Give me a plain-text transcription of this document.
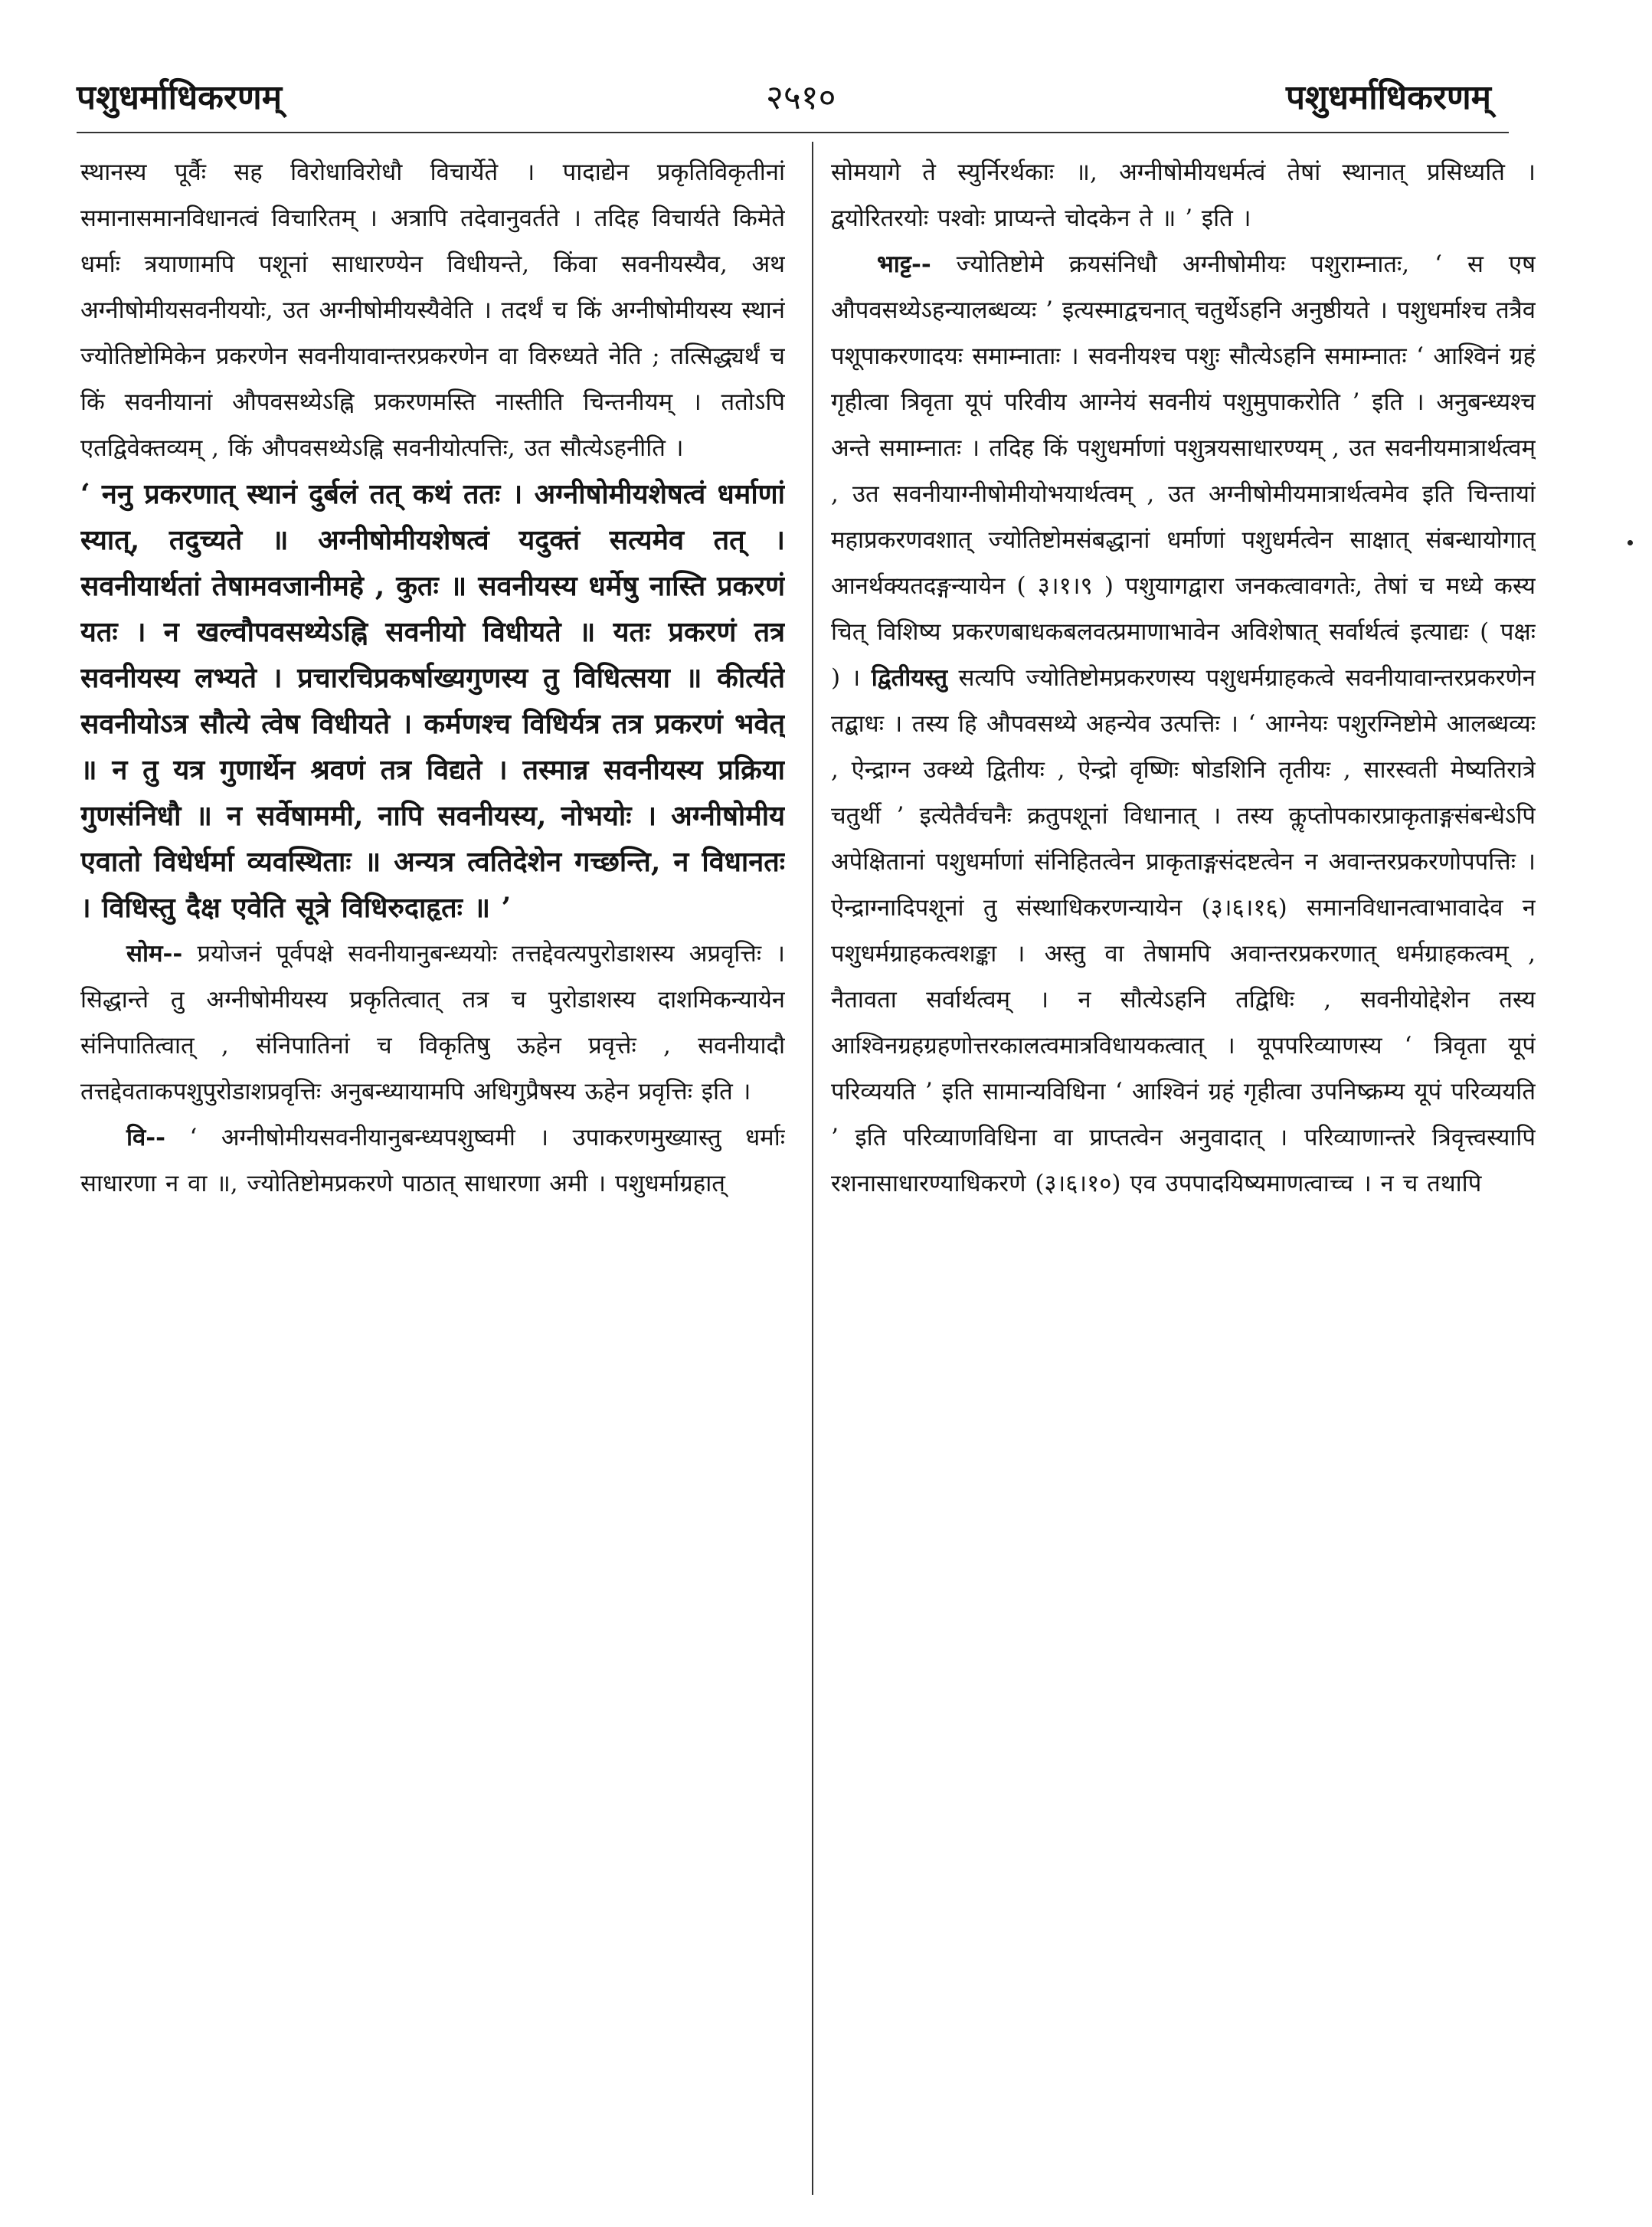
पशुधर्माधिकरणम्	२५१०	पशुधर्माधिकरणम्

स्थानस्य पूर्वैः सह विरोधाविरोधौ विचार्येते । पादाद्येन प्रकृतिविकृतीनां समानासमानविधानत्वं विचारितम् । अत्रापि तदेवानुवर्तते । तदिह विचार्यते किमेते धर्माः त्रयाणामपि पशूनां साधारण्येन विधीयन्ते, किंवा सवनीयस्यैव, अथ अग्नीषोमीयसवनीययोः, उत अग्नीषोमीयस्यैवेति । तदर्थं च किं अग्नीषोमीयस्य स्थानं ज्योतिष्टोमिकेन प्रकरणेन सवनीयावान्तरप्रकरणेन वा विरुध्यते नेति ; तत्सिद्ध्यर्थं च किं सवनीयानां औपवसथ्येऽह्नि प्रकरणमस्ति नास्तीति चिन्तनीयम् । ततोऽपि एतद्विवेक्तव्यम् , किं औपवसथ्येऽह्नि सवनीयोत्पत्तिः, उत सौत्येऽहनीति ।

‘ ननु प्रकरणात् स्थानं दुर्बलं तत् कथं ततः । अग्नीषोमीयशेषत्वं धर्माणां स्यात्, तदुच्यते ॥ अग्नीषोमीयशेषत्वं यदुक्तं सत्यमेव तत् । सवनीयार्थतां तेषामवजानीमहे , कुतः ॥ सवनीयस्य धर्मेषु नास्ति प्रकरणं यतः । न खल्वौपवसथ्येऽह्नि सवनीयो विधीयते ॥ यतः प्रकरणं तत्र सवनीयस्य लभ्यते । प्रचारचिप्रकर्षाख्यगुणस्य तु विधित्सया ॥ कीर्त्यते सवनीयोऽत्र सौत्ये त्वेष विधीयते । कर्मणश्च विधिर्यत्र तत्र प्रकरणं भवेत् ॥ न तु यत्र गुणार्थेन श्रवणं तत्र विद्यते । तस्मान्न सवनीयस्य प्रक्रिया गुणसंनिधौ ॥ न सर्वेषाममी, नापि सवनीयस्य, नोभयोः । अग्नीषोमीय एवातो विधेर्धर्मा व्यवस्थिताः ॥ अन्यत्र त्वतिदेशेन गच्छन्ति, न विधानतः । विधिस्तु दैक्ष एवेति सूत्रे विधिरुदाहृतः ॥ ’

सोम-- प्रयोजनं पूर्वपक्षे सवनीयानुबन्ध्ययोः तत्तद्देवत्यपुरोडाशस्य अप्रवृत्तिः । सिद्धान्ते तु अग्नीषोमीयस्य प्रकृतित्वात् तत्र च पुरोडाशस्य दाशमिकन्यायेन संनिपातित्वात् , संनिपातिनां च विकृतिषु ऊहेन प्रवृत्तेः , सवनीयादौ तत्तद्देवताकपशुपुरोडाशप्रवृत्तिः अनुबन्ध्यायामपि अधिगुप्रैषस्य ऊहेन प्रवृत्तिः इति ।

वि-- ‘ अग्नीषोमीयसवनीयानुबन्ध्यपशुष्वमी । उपाकरणमुख्यास्तु धर्माः साधारणा न वा ॥, ज्योतिष्टोमप्रकरणे पाठात् साधारणा अमी । पशुधर्माग्रहात्

सोमयागे ते स्युर्निरर्थकाः ॥, अग्नीषोमीयधर्मत्वं तेषां स्थानात् प्रसिध्यति । द्वयोरितरयोः पश्वोः प्राप्यन्ते चोदकेन ते ॥ ’ इति ।

भाट्ट-- ज्योतिष्टोमे क्रयसंनिधौ अग्नीषोमीयः पशुराम्नातः, ‘ स एष औपवसथ्येऽहन्यालब्धव्यः ’ इत्यस्माद्वचनात् चतुर्थेऽहनि अनुष्ठीयते । पशुधर्माश्च तत्रैव पशूपाकरणादयः समाम्नाताः । सवनीयश्च पशुः सौत्येऽहनि समाम्नातः ‘ आश्विनं ग्रहं गृहीत्वा त्रिवृता यूपं परिवीय आग्नेयं सवनीयं पशुमुपाकरोति ’ इति । अनुबन्ध्यश्च अन्ते समाम्नातः । तदिह किं पशुधर्माणां पशुत्रयसाधारण्यम् , उत सवनीयमात्रार्थत्वम् , उत सवनीयाग्नीषोमीयोभयार्थत्वम् , उत अग्नीषोमीयमात्रार्थत्वमेव इति चिन्तायां महाप्रकरणवशात् ज्योतिष्टोमसंबद्धानां धर्माणां पशुधर्मत्वेन साक्षात् संबन्धायोगात् आनर्थक्यतदङ्गन्यायेन ( ३।१।९ ) पशुयागद्वारा जनकत्वावगतेः, तेषां च मध्ये कस्य चित् विशिष्य प्रकरणबाधकबलवत्प्रमाणाभावेन अविशेषात् सर्वार्थत्वं इत्याद्यः ( पक्षः ) । द्वितीयस्तु सत्यपि ज्योतिष्टोमप्रकरणस्य पशुधर्मग्राहकत्वे सवनीयावान्तरप्रकरणेन तद्बाधः । तस्य हि औपवसथ्ये अहन्येव उत्पत्तिः । ‘ आग्नेयः पशुरग्निष्टोमे आलब्धव्यः , ऐन्द्राग्न उक्थ्ये द्वितीयः , ऐन्द्रो वृष्णिः षोडशिनि तृतीयः , सारस्वती मेष्यतिरात्रे चतुर्थी ’ इत्येतैर्वचनैः क्रतुपशूनां विधानात् । तस्य कॢप्तोपकारप्राकृताङ्गसंबन्धेऽपि अपेक्षितानां पशुधर्माणां संनिहितत्वेन प्राकृताङ्गसंदष्टत्वेन न अवान्तरप्रकरणोपपत्तिः । ऐन्द्राग्नादिपशूनां तु संस्थाधिकरणन्यायेन (३।६।१६) समानविधानत्वाभावादेव न पशुधर्मग्राहकत्वशङ्का । अस्तु वा तेषामपि अवान्तरप्रकरणात् धर्मग्राहकत्वम् , नैतावता सर्वार्थत्वम् । न सौत्येऽहनि तद्विधिः , सवनीयोद्देशेन तस्य आश्विनग्रहग्रहणोत्तरकालत्वमात्रविधायकत्वात् । यूपपरिव्याणस्य ‘ त्रिवृता यूपं परिव्ययति ’ इति सामान्यविधिना ‘ आश्विनं ग्रहं गृहीत्वा उपनिष्क्रम्य यूपं परिव्ययति ’ इति परिव्याणविधिना वा प्राप्तत्वेन अनुवादात् । परिव्याणान्तरे त्रिवृत्त्वस्यापि रशनासाधारण्याधिकरणे (३।६।१०) एव उपपादयिष्यमाणत्वाच्च । न च तथापि
